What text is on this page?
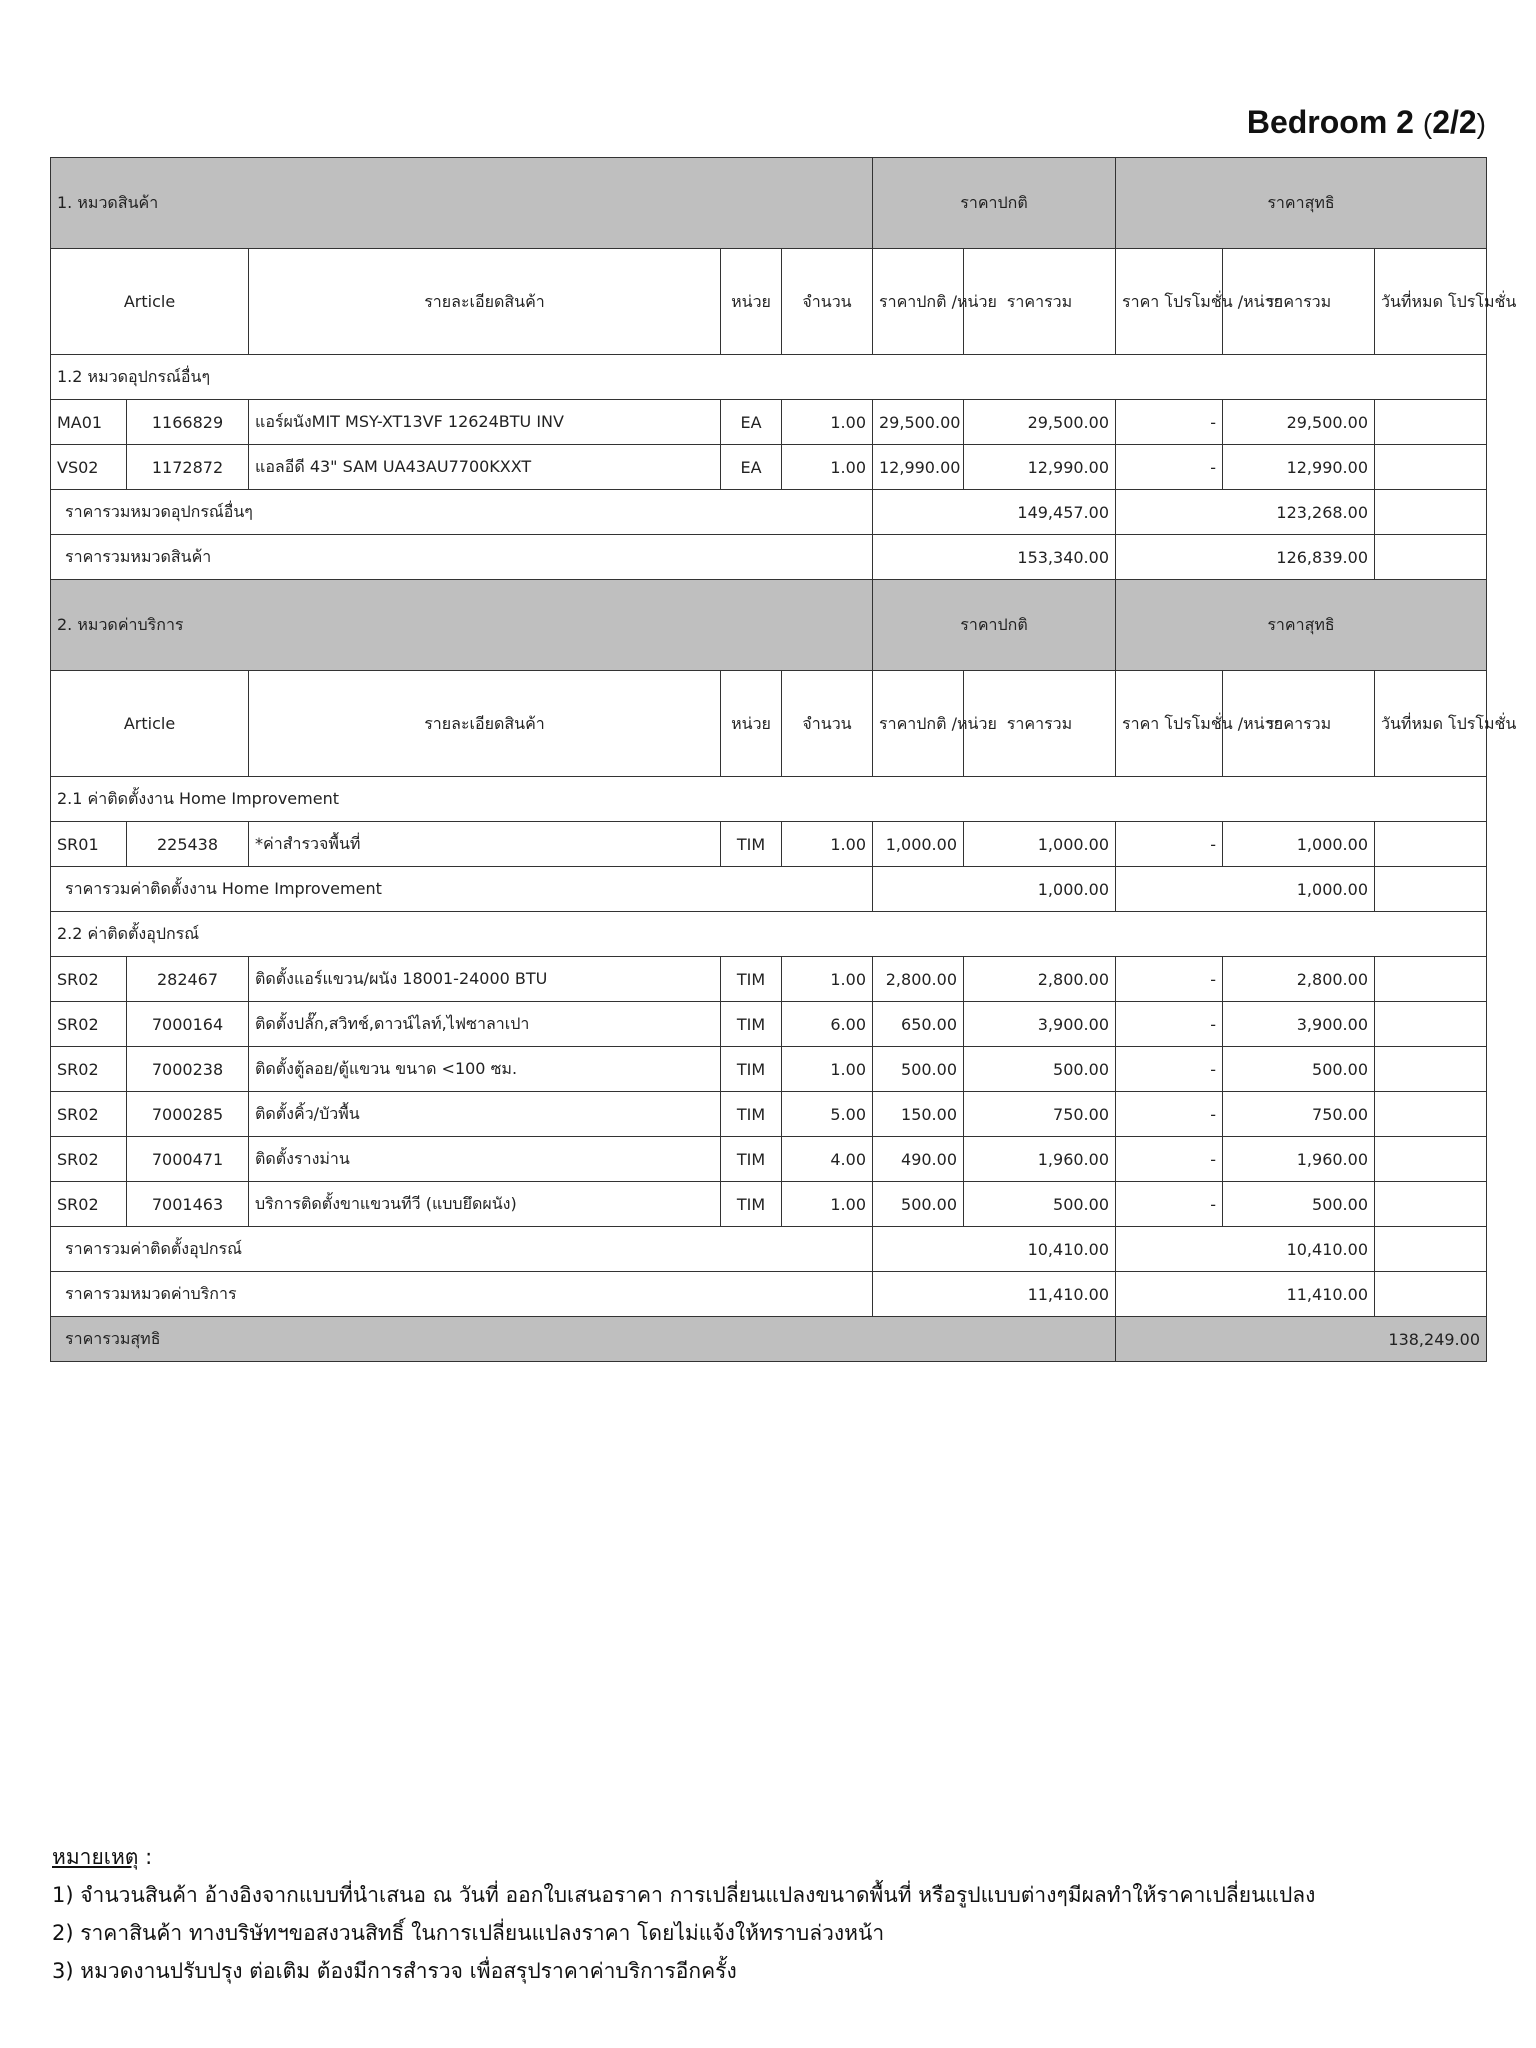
Bedroom 2 (2/2)
1. หมวดสินค้า					ราคาปกติ		ราคาสุทธิ		
Article		รายละเอียดสินค้า	หน่วย	จำนวน	ราคาปกติ /หน่วย	ราคารวม	ราคา โปรโมชั่น /หน่วย	ราคารวม	วันที่หมด โปรโมชั่น
1.2 หมวดอุปกรณ์อื่นๆ									
MA01	1166829	แอร์ผนังMIT MSY-XT13VF 12624BTU INV	EA	1.00	29,500.00	29,500.00	-	29,500.00	
VS02	1172872	แอลอีดี 43" SAM UA43AU7700KXXT	EA	1.00	12,990.00	12,990.00	-	12,990.00	
ราคารวมหมวดอุปกรณ์อื่นๆ					149,457.00		123,268.00		
ราคารวมหมวดสินค้า					153,340.00		126,839.00		
2. หมวดค่าบริการ					ราคาปกติ		ราคาสุทธิ		
Article		รายละเอียดสินค้า	หน่วย	จำนวน	ราคาปกติ /หน่วย	ราคารวม	ราคา โปรโมชั่น /หน่วย	ราคารวม	วันที่หมด โปรโมชั่น
2.1 ค่าติดตั้งงาน Home Improvement									
SR01	225438	*ค่าสำรวจพื้นที่	TIM	1.00	1,000.00	1,000.00	-	1,000.00	
ราคารวมค่าติดตั้งงาน Home Improvement					1,000.00		1,000.00		
2.2 ค่าติดตั้งอุปกรณ์									
SR02	282467	ติดตั้งแอร์แขวน/ผนัง 18001-24000 BTU	TIM	1.00	2,800.00	2,800.00	-	2,800.00	
SR02	7000164	ติดตั้งปลั๊ก,สวิทช์,ดาวน์ไลท์,ไฟซาลาเปา	TIM	6.00	650.00	3,900.00	-	3,900.00	
SR02	7000238	ติดตั้งตู้ลอย/ตู้แขวน ขนาด <100 ซม.	TIM	1.00	500.00	500.00	-	500.00	
SR02	7000285	ติดตั้งคิ้ว/บัวพื้น	TIM	5.00	150.00	750.00	-	750.00	
SR02	7000471	ติดตั้งรางม่าน	TIM	4.00	490.00	1,960.00	-	1,960.00	
SR02	7001463	บริการติดตั้งขาแขวนทีวี (แบบยึดผนัง)	TIM	1.00	500.00	500.00	-	500.00	
ราคารวมค่าติดตั้งอุปกรณ์					10,410.00		10,410.00		
ราคารวมหมวดค่าบริการ					11,410.00		11,410.00		
ราคารวมสุทธิ							138,249.00		
หมายเหตุ :
1) จำนวนสินค้า อ้างอิงจากแบบที่นำเสนอ ณ วันที่ ออกใบเสนอราคา การเปลี่ยนแปลงขนาดพื้นที่ หรือรูปแบบต่างๆมีผลทำให้ราคาเปลี่ยนแปลง
2) ราคาสินค้า ทางบริษัทฯขอสงวนสิทธิ์ ในการเปลี่ยนแปลงราคา โดยไม่แจ้งให้ทราบล่วงหน้า
3) หมวดงานปรับปรุง ต่อเติม ต้องมีการสำรวจ เพื่อสรุปราคาค่าบริการอีกครั้ง
